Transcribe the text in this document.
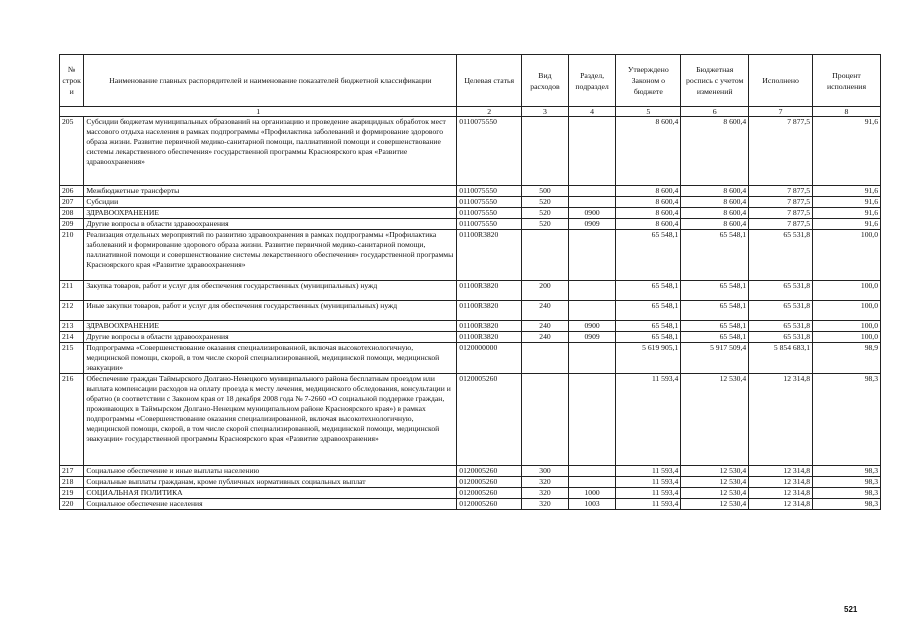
№ строки	Наименование главных распорядителей и наименование показателей бюджетной классификации	Целевая статья	Вид расходов	Раздел, подраздел	Утверждено Законом о бюджете	Бюджетная роспись с учетом изменений	Исполнено	Процент исполнения
1		2	3	4	5	6	7	8
205	Субсидии бюджетам муниципальных образований на организацию и проведение акарицидных обработок мест массового отдыха населения в рамках подпрограммы «Профилактика заболеваний и формирование здорового образа жизни. Развитие первичной медико-санитарной помощи, паллиативной помощи и совершенствование системы лекарственного обеспечения» государственной программы Красноярского края «Развитие здравоохранения»	0110075550			8 600,4	8 600,4	7 877,5	91,6
206	Межбюджетные трансферты	0110075550	500		8 600,4	8 600,4	7 877,5	91,6
207	Субсидии	0110075550	520		8 600,4	8 600,4	7 877,5	91,6
208	ЗДРАВООХРАНЕНИЕ	0110075550	520	0900	8 600,4	8 600,4	7 877,5	91,6
209	Другие вопросы в области здравоохранения	0110075550	520	0909	8 600,4	8 600,4	7 877,5	91,6
210	Реализация отдельных мероприятий по развитию здравоохранения в рамках подпрограммы «Профилактика заболеваний и формирование здорового образа жизни. Развитие первичной медико-санитарной помощи, паллиативной помощи и совершенствование системы лекарственного обеспечения» государственной программы Красноярского края «Развитие здравоохранения»	01100R3820			65 548,1	65 548,1	65 531,8	100,0
211	Закупка товаров, работ и услуг для обеспечения государственных (муниципальных) нужд	01100R3820	200		65 548,1	65 548,1	65 531,8	100,0
212	Иные закупки товаров, работ и услуг для обеспечения государственных (муниципальных) нужд	01100R3820	240		65 548,1	65 548,1	65 531,8	100,0
213	ЗДРАВООХРАНЕНИЕ	01100R3820	240	0900	65 548,1	65 548,1	65 531,8	100,0
214	Другие вопросы в области здравоохранения	01100R3820	240	0909	65 548,1	65 548,1	65 531,8	100,0
215	Подпрограмма «Совершенствование оказания специализированной, включая высокотехнологичную, медицинской помощи, скорой, в том числе скорой специализированной, медицинской помощи, медицинской эвакуации»	0120000000			5 619 905,1	5 917 509,4	5 854 683,1	98,9
216	Обеспечение граждан Таймырского Долгано-Ненецкого муниципального района бесплатным проездом или выплата компенсации расходов на оплату проезда к месту лечения, медицинского обследования, консультации и обратно (в соответствии с Законом края от 18 декабря 2008 года № 7-2660 «О социальной поддержке граждан, проживающих в Таймырском Долгано-Ненецком муниципальном районе Красноярского края») в рамках подпрограммы «Совершенствование оказания специализированной, включая высокотехнологичную, медицинской помощи, скорой, в том числе скорой специализированной, медицинской помощи, медицинской эвакуации» государственной программы Красноярского края «Развитие здравоохранения»	0120005260			11 593,4	12 530,4	12 314,8	98,3
217	Социальное обеспечение и иные выплаты населению	0120005260	300		11 593,4	12 530,4	12 314,8	98,3
218	Социальные выплаты гражданам, кроме публичных нормативных социальных выплат	0120005260	320		11 593,4	12 530,4	12 314,8	98,3
219	СОЦИАЛЬНАЯ ПОЛИТИКА	0120005260	320	1000	11 593,4	12 530,4	12 314,8	98,3
220	Социальное обеспечение населения	0120005260	320	1003	11 593,4	12 530,4	12 314,8	98,3
521
